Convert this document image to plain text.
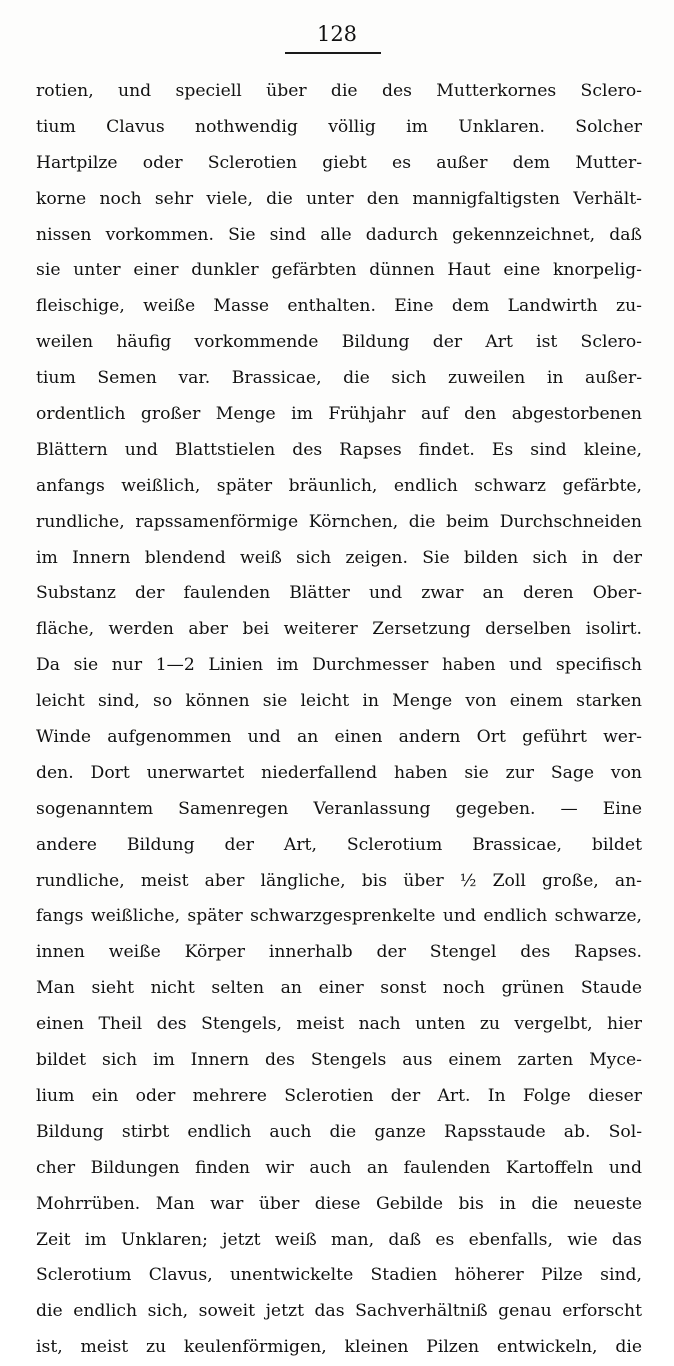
128
rotien, und speciell über die des Mutterkornes Sclero-
tium Clavus nothwendig völlig im Unklaren. Solcher
Hartpilze oder Sclerotien giebt es außer dem Mutter-
korne noch sehr viele, die unter den mannigfaltigsten Verhält-
nissen vorkommen. Sie sind alle dadurch gekennzeichnet, daß
sie unter einer dunkler gefärbten dünnen Haut eine knorpelig-
fleischige, weiße Masse enthalten. Eine dem Landwirth zu-
weilen häufig vorkommende Bildung der Art ist Sclero-
tium Semen var. Brassicae, die sich zuweilen in außer-
ordentlich großer Menge im Frühjahr auf den abgestorbenen
Blättern und Blattstielen des Rapses findet. Es sind kleine,
anfangs weißlich, später bräunlich, endlich schwarz gefärbte,
rundliche, rapssamenförmige Körnchen, die beim Durchschneiden
im Innern blendend weiß sich zeigen. Sie bilden sich in der
Substanz der faulenden Blätter und zwar an deren Ober-
fläche, werden aber bei weiterer Zersetzung derselben isolirt.
Da sie nur 1—2 Linien im Durchmesser haben und specifisch
leicht sind, so können sie leicht in Menge von einem starken
Winde aufgenommen und an einen andern Ort geführt wer-
den. Dort unerwartet niederfallend haben sie zur Sage von
sogenanntem Samenregen Veranlassung gegeben. — Eine
andere Bildung der Art, Sclerotium Brassicae, bildet
rundliche, meist aber längliche, bis über ½ Zoll große, an-
fangs weißliche, später schwarzgesprenkelte und endlich schwarze,
innen weiße Körper innerhalb der Stengel des Rapses.
Man sieht nicht selten an einer sonst noch grünen Staude
einen Theil des Stengels, meist nach unten zu vergelbt, hier
bildet sich im Innern des Stengels aus einem zarten Myce-
lium ein oder mehrere Sclerotien der Art. In Folge dieser
Bildung stirbt endlich auch die ganze Rapsstaude ab. Sol-
cher Bildungen finden wir auch an faulenden Kartoffeln und
Mohrrüben. Man war über diese Gebilde bis in die neueste
Zeit im Unklaren; jetzt weiß man, daß es ebenfalls, wie das
Sclerotium Clavus, unentwickelte Stadien höherer Pilze sind,
die endlich sich, soweit jetzt das Sachverhältniß genau erforscht
ist, meist zu keulenförmigen, kleinen Pilzen entwickeln, die
